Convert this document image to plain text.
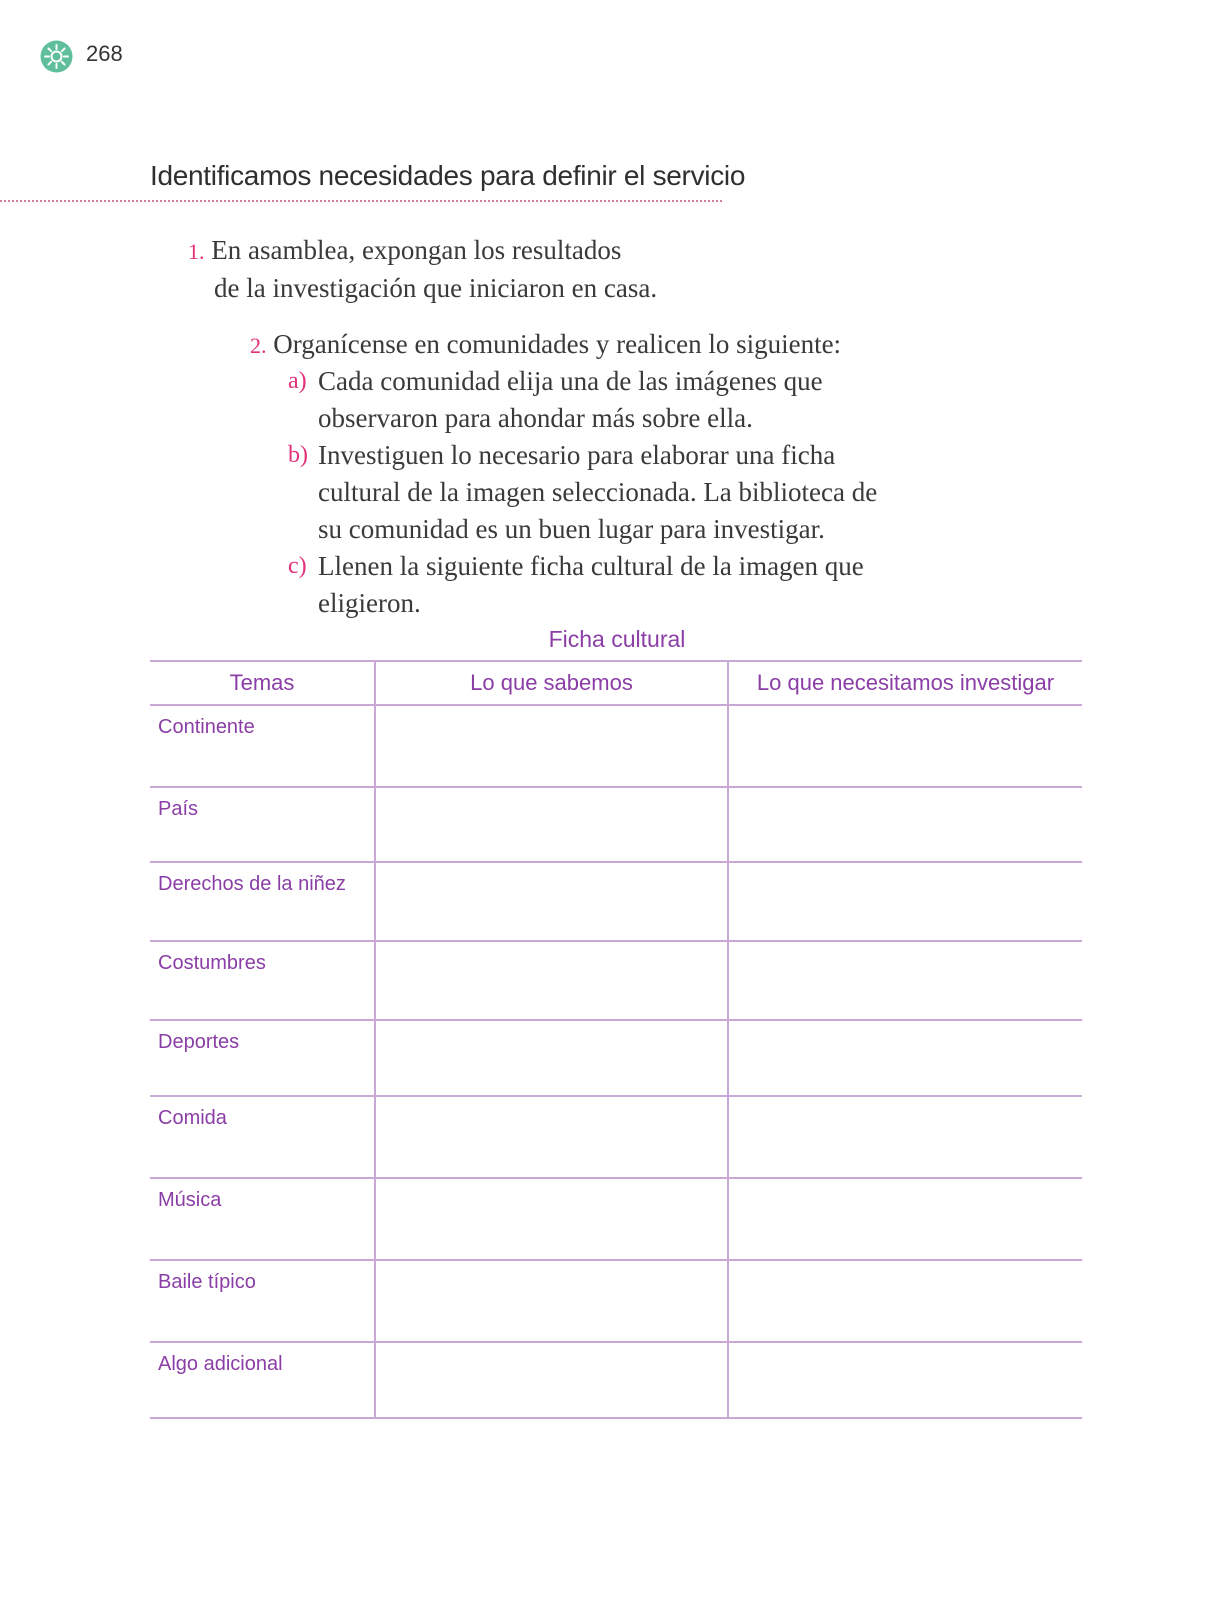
268
Identificamos necesidades para definir el servicio
1. En asamblea, expongan los resultados
de la investigación que iniciaron en casa.
2. Organícense en comunidades y realicen lo siguiente:
a) Cada comunidad elija una de las imágenes que observaron para ahondar más sobre ella.
b) Investiguen lo necesario para elaborar una ficha cultural de la imagen seleccionada. La biblioteca de su comunidad es un buen lugar para investigar.
c) Llenen la siguiente ficha cultural de la imagen que eligieron.
Ficha cultural
Temas	Lo que sabemos	Lo que necesitamos investigar
Continente		
País		
Derechos de la niñez		
Costumbres		
Deportes		
Comida		
Música		
Baile típico		
Algo adicional		
